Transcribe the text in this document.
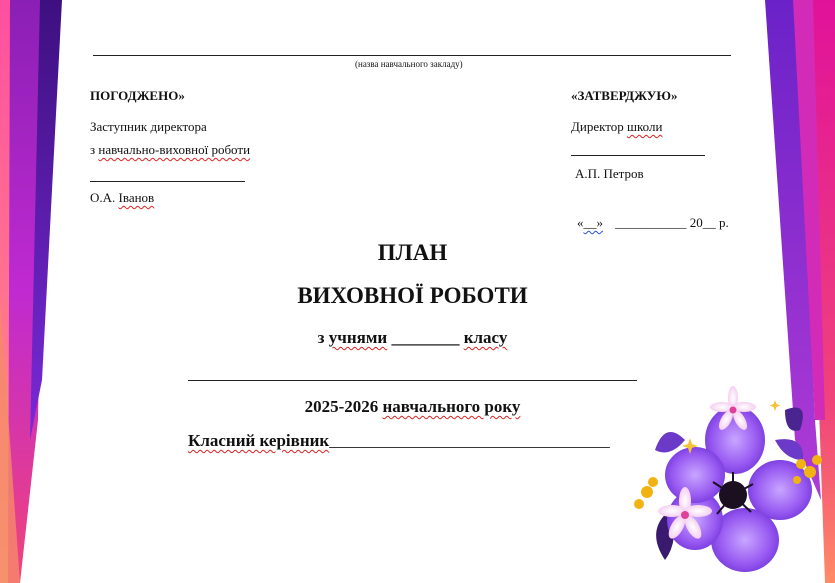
(назва навчального закладу)
ПОГОДЖЕНО»
Заступник директора
з навчально-виховної роботи
О.А. Іванов
«ЗАТВЕРДЖУЮ»
Директор школи
А.П. Петров
«__» ___________ 20__ р.
ПЛАН
ВИХОВНОЇ РОБОТИ
з учнями ________ класу
2025-2026 навчального року
Класний керівник_________________________________
